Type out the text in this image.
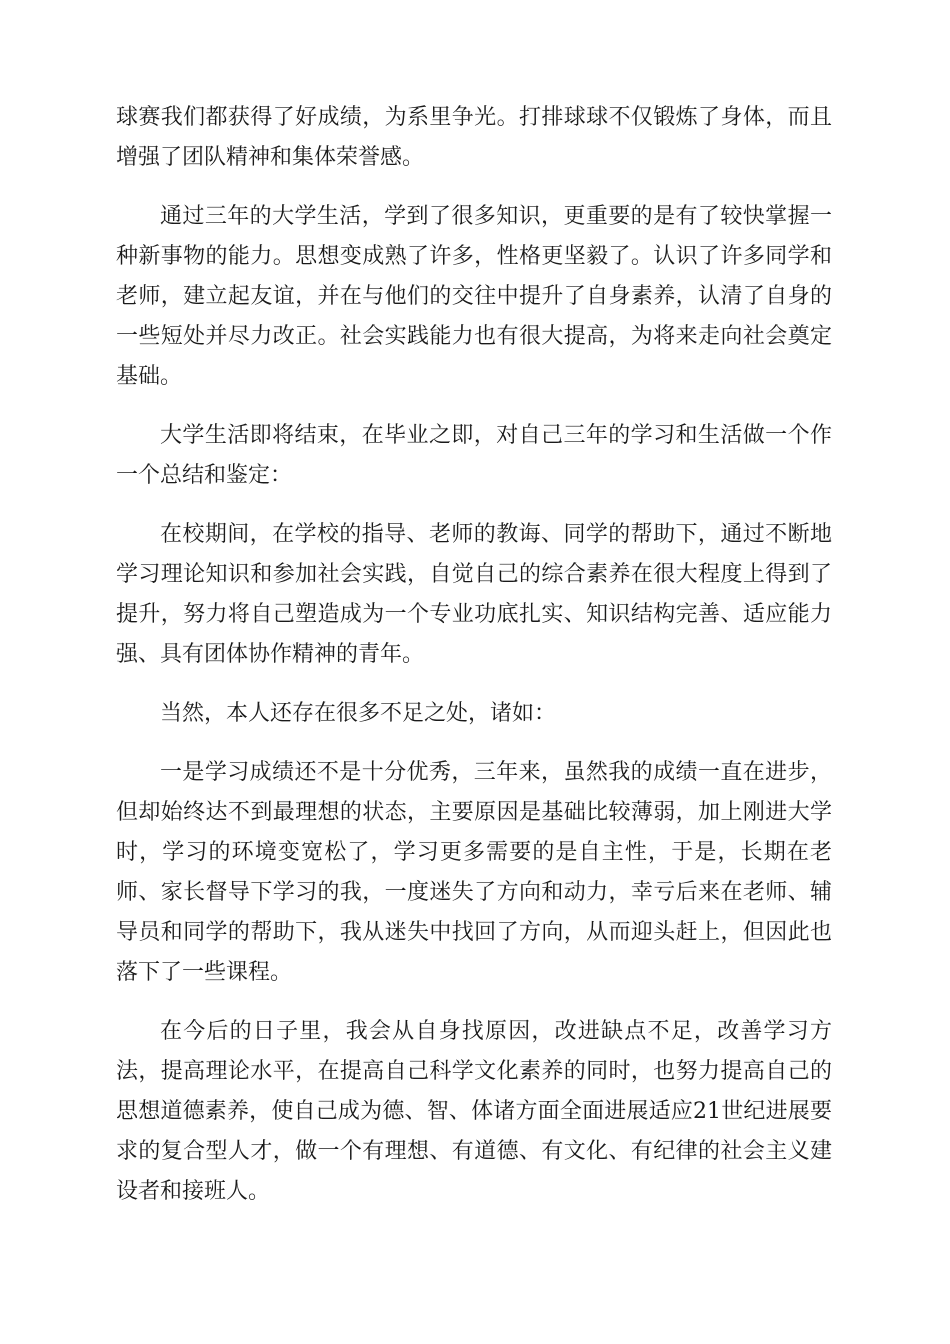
球赛我们都获得了好成绩，为系里争光。打排球球不仅锻炼了身体，而且增强了团队精神和集体荣誉感。

通过三年的大学生活，学到了很多知识，更重要的是有了较快掌握一种新事物的能力。思想变成熟了许多，性格更坚毅了。认识了许多同学和老师，建立起友谊，并在与他们的交往中提升了自身素养，认清了自身的一些短处并尽力改正。社会实践能力也有很大提高，为将来走向社会奠定基础。

大学生活即将结束，在毕业之即，对自己三年的学习和生活做一个作一个总结和鉴定：

在校期间，在学校的指导、老师的教诲、同学的帮助下，通过不断地学习理论知识和参加社会实践，自觉自己的综合素养在很大程度上得到了提升，努力将自己塑造成为一个专业功底扎实、知识结构完善、适应能力强、具有团体协作精神的青年。

当然，本人还存在很多不足之处，诸如：

一是学习成绩还不是十分优秀，三年来，虽然我的成绩一直在进步，但却始终达不到最理想的状态，主要原因是基础比较薄弱，加上刚进大学时，学习的环境变宽松了，学习更多需要的是自主性，于是，长期在老师、家长督导下学习的我，一度迷失了方向和动力，幸亏后来在老师、辅导员和同学的帮助下，我从迷失中找回了方向，从而迎头赶上，但因此也落下了一些课程。

在今后的日子里，我会从自身找原因，改进缺点不足，改善学习方法，提高理论水平，在提高自己科学文化素养的同时，也努力提高自己的思想道德素养，使自己成为德、智、体诸方面全面进展适应21世纪进展要求的复合型人才，做一个有理想、有道德、有文化、有纪律的社会主义建设者和接班人。
